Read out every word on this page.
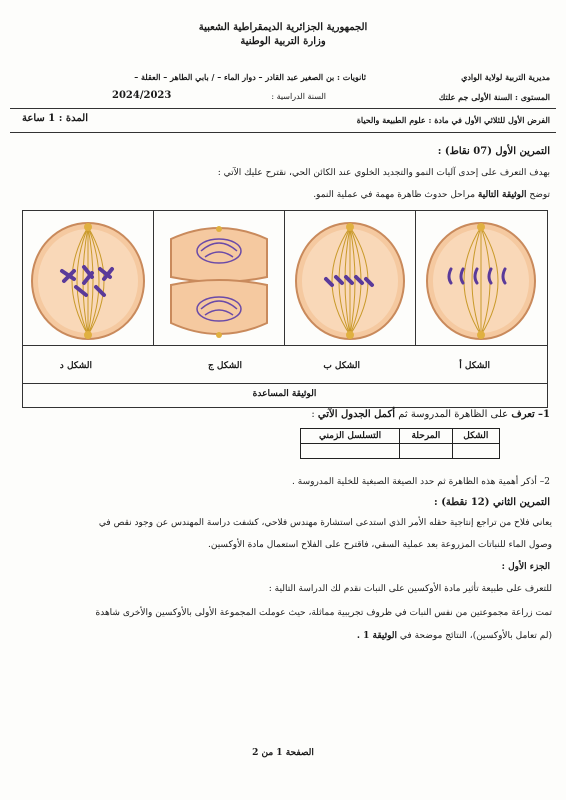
الجمهورية الجزائرية الديمقراطية الشعبية
وزارة التربية الوطنية
مديرية التربية لولاية الوادي
ثانويات : بن الصغير عبد القادر – دوار الماء – / بابي الطاهر – العقلة –
المستوى : السنة الأولى جم علتك
السنة الدراسية :
2024/2023
الفرض الأول للثلاثي الأول في مادة : علوم الطبيعة والحياة
المدة : 1 ساعة
التمرين الأول (07 نقاط) :
بهدف التعرف على إحدى آليات النمو والتجديد الخلوي عند الكائن الحي، نقترح عليك الآتي :
توضح الوثيقة التالية مراحل حدوث ظاهرة مهمة في عملية النمو.
الشكل د	الشكل ج	الشكل ب	الشكل أ
الوثيقة المساعدة
1– تعرف على الظاهرة المدروسة ثم أكمل الجدول الآتي :
الشكل	المرحلة	التسلسل الزمني

2– أذكر أهمية هذه الظاهرة ثم حدد الصيغة الصبغية للخلية المدروسة .
التمرين الثاني (12 نقطة) :
يعاني فلاح من تراجع إنتاجية حقله الأمر الذي استدعى استشارة مهندس فلاحي، كشفت دراسة المهندس عن وجود نقص في
وصول الماء للنباتات المزروعة بعد عملية السقي، فاقترح على الفلاح استعمال مادة الأوكسين.
الجزء الأول :
للتعرف على طبيعة تأثير مادة الأوكسين على النبات نقدم لك الدراسة التالية :
تمت زراعة مجموعتين من نفس النبات في ظروف تجريبية مماثلة، حيث عوملت المجموعة الأولى بالأوكسين والأخرى شاهدة
(لم تعامل بالأوكسين)، النتائج موضحة في الوثيقة 1 .
الصفحة 1 من 2
